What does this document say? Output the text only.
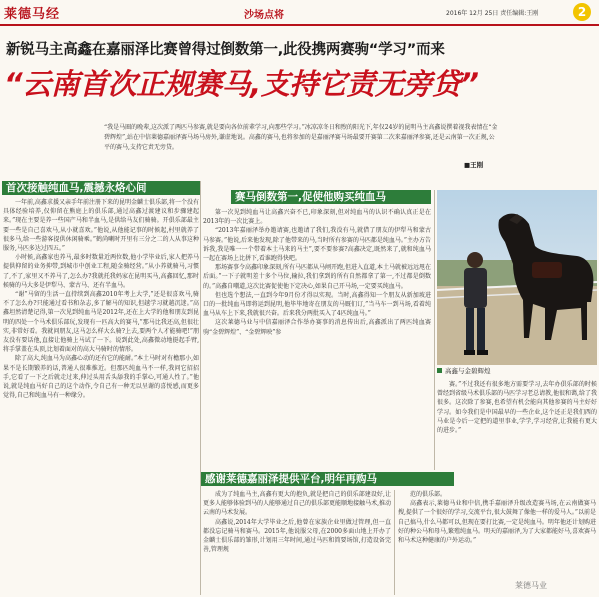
莱德马经	沙场点将	2016年 12月 25日 责任编辑:王刚	2
新锐马主高鑫在嘉丽泽比赛曾得过倒数第一,此役携两赛驹“学习”而来
“云南首次正规赛马,支持它责无旁贷”
“我是马圈的晚辈,这次派了两匹马参赛,就是要向各位前辈学习,向那些学习。”冰凉凉冬日和煦的阳光下,年仅24岁的昆明马主高鑫说撰着视我表情在“金碧辉煌”,站在中信莱德嘉丽泽赛马场马房外,谦虚地说。高鑫的赛马,也将参加的是嘉丽泽赛马场最要开赛第二次来嘉丽泽参赛,还是云南第一次正规,公平的赛马,支持它责无旁贷。
■王刚
首次接触纯血马,震撼永烙心间

一年前,高鑫求援又亲手年前注册下来的昆明金麟士俱乐部,将一个没有具体经验培养,仅仰留在熊庭上的俱乐部,通过高鑫过渡建议和步骤建起来。”现在主要是养一些国产马和半血马,是供给马友们骑骑。开俱乐部最主要一些是自己喜欢马,从小就喜欢。”他说,从他能记事的时候起,村里就养了很多马,给一些游客提供休闲骑乘。”鹤尚喇时开里有三分之二的人从事这种服务,马匹多达过四五。”

小时候,高鑫家也养马,最多时数量近两位数,他小学毕业后,家人把养马提供抑留的业务抑带,到城市中创业工程,随金骑经营。”从小养就骑马,习惯了,不了,家里又不养马了,怎么办?我就托我妈家在昆明买马,高鑫回忆,那时候骑的马大多是伊犁马、蒙古马、还有半血马。

“谢”马留的生活一直持续到高鑫2010年考上大学,”还是很喜欢马,骑不了怎么办?只能通过看书和杂志,多了解马的知识,但越学习就越沉迷。”高鑫坦然清楚记得,第一次见到纯血马是2012年,还在上大学的他和朋友到昆明的四处一个马术俱乐部玩,发现有一匹高大的赛马,”那马比我还高,但很壮实,非常好看。我就问朋友,这马怎么样大么骑?上去,要两个人才能骑吧!”朋友没有要话他,直接让他骑上马试了一下。说到此处,高鑫微动地挺起手臂,将手掌盖在头顶,比划着面对的高大马骑时的情形。

除了高大,纯血马为高鑫心动的还有它的能耐。”本土马时对有檐那小,如果不是长期锻养的话,普通人很难推近。但那匹纯血马不一样,我问它招招手,它看了一下之后就走过来,伸过头用舌头舔我的手掌心,可通人性了。”他说,就是纯血马好自己的这个动作,令自己有一种无以呈谢的喜悦感,而更多觉得,自己和纯血马有一种缘分。

赛马倒数第一,促使他购买纯血马

第一次见到纯血马让高鑫兴奋不已,印象深刻,但对纯血马的认识不确认真正是在2013年的一次比赛上。

“2013年嘉丽泽举办邀请赛,也邀请了我们,我没有马,就借了朋友的伊犁马和蒙古马参赛。”他说,后来他发现,除了他带来的马,当时所有参赛的马匹都是纯血马。”主办方告诉我,我是唯一一个带着本土马来的马主”,要不要参赛?高鑫决定,既然来了,就和纯血马一起在赛场上比拼下,看谁跑得快吧。

那场赛事令高鑫印象深刻,所有马匹都从马闸开跑,但进入直道,本土马就被远远甩在后面。”一下子就明差十多个马位,输拉,我们拿到的所有自然都拿了第一,不过都是倒数的。”高鑫自嘲道,这次比赛促使他下定决心,如果自己开马场,一定要买纯血马。

但也选个想法,一直到今年9月份才得以实现。当时,高鑫得知一个朋友从新加坡进口的一批纯血马即将运到昆明,他毕毕地寄在朋友的马厩们订,”当马车一到马场,看着纯血马从车上下来,我就很兴奋。后来我分两批买入了4匹纯血马。”

这次莱德马业与中信嘉丽泽合作举办赛事的消息传出后,高鑫派出了两匹纯血赛驹“金碧辉煌”、“金碧辉映”参

高鑫与金碧辉煌

赛。”不过我还有很多地方需要学习,去年办俱乐部的时候曾经到省级马术俱乐部的马匹学习老总请教,他很和蔼,给了我很多。这次除了参赛,也希望有机会能向其他参赛的马主好好学习。如今我们是中国最早的一些企业,这个还正是我们西的马业是今后一定把的道里事业,学学,学习经营,让我能有更大的进步。”

感谢莱德嘉丽泽提供平台,明年再购马

成为了纯血马主,高鑫有更大的抱负,就是把自己的俱乐部建设好,让更多人能够体验到马的人能够通过自己的俱乐部更能顺地接触马术,推动云南的马术发展。

高鑫说,2014年大学毕业之后,他曾在家族企业里做过管理,但一直都没忘记骑马和赛马。2015年,他说服父母,在2000多面山地上开办了金麟士俱乐部的雏形,计划用三年时间,通过马匹和简要场馆,打造设备完善,管理规

范的俱乐部。

高鑫表示,莱德马业和中信,携手嘉丽泽升级改造赛马场,在云南做赛马搜,提供了一个很好的学习,交流平台,很大鼓舞了像他一样的爱马人。”以前是自己搞马,什么马都可以,但现在要打比赛,一定是纯血马。明年他还计划购进好的种公马和母马,繁殖纯血马。明天的嘉丽泽,为了大家都能好马,喜欢赛马和马术这种健康的户外运动。”

莱德马业
